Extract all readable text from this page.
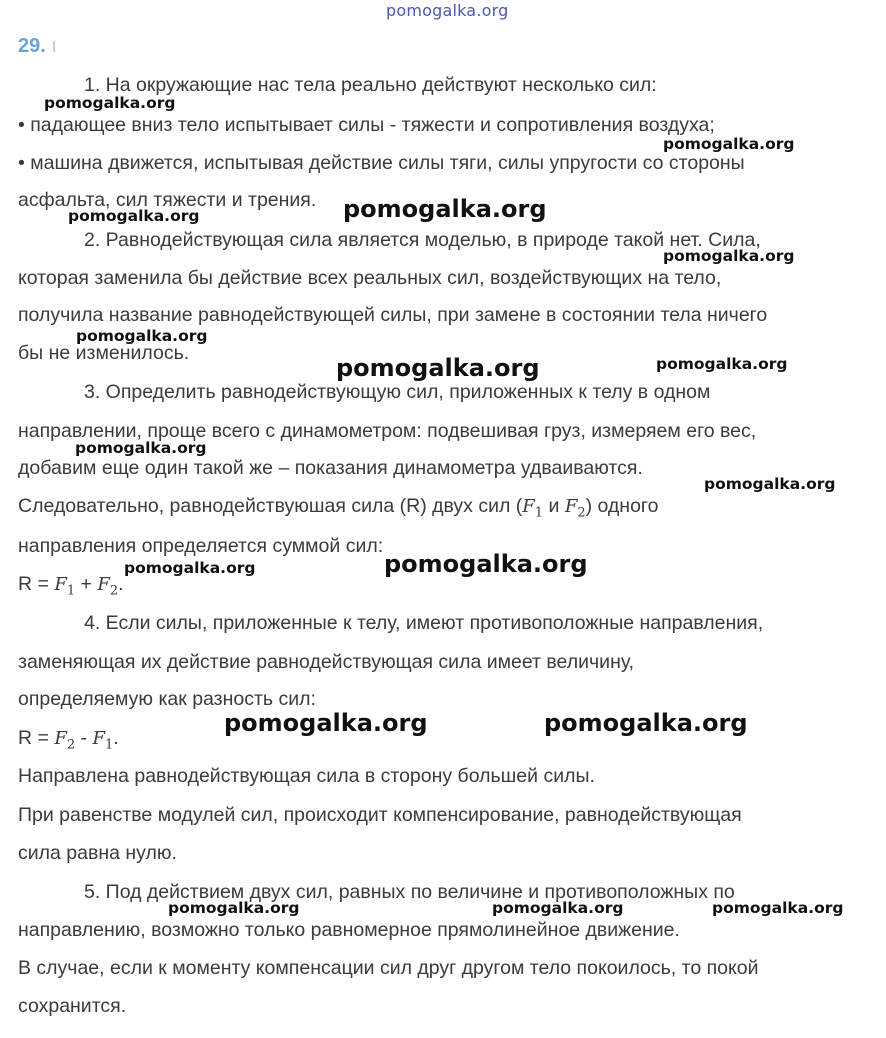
pomogalka.org
29. ι
1. На окружающие нас тела реально действуют несколько сил:
• падающее вниз тело испытывает силы - тяжести и сопротивления воздуха;
• машина движется, испытывая действие силы тяги, силы упругости со стороны
асфальта, сил тяжести и трения.
2. Равнодействующая сила является моделью, в природе такой нет. Сила,
которая заменила бы действие всех реальных сил, воздействующих на тело,
получила название равнодействующей силы, при замене в состоянии тела ничего
бы не изменилось.
3. Определить равнодействующую сил, приложенных к телу в одном
направлении, проще всего с динамометром: подвешивая груз, измеряем его вес,
добавим еще один такой же – показания динамометра удваиваются.
Следовательно, равнодействуюшая сила (R) двух сил ($F_1$ и $F_2$) одного
направления определяется суммой сил:
$R = F_1 + F_2$.
4. Если силы, приложенные к телу, имеют противоположные направления,
заменяющая их действие равнодействующая сила имеет величину,
определяемую как разность сил:
$R = F_2 - F_1$.
Направлена равнодействующая сила в сторону большей силы.
При равенстве модулей сил, происходит компенсирование, равнодействующая
сила равна нулю.
5. Под действием двух сил, равных по величине и противоположных по
направлению, возможно только равномерное прямолинейное движение.
В случае, если к моменту компенсации сил друг другом тело покоилось, то покой
сохранится.
pomogalka.org
pomogalka.org
pomogalka.org
pomogalka.org
pomogalka.org
pomogalka.org
pomogalka.org	pomogalka.org
pomogalka.org
pomogalka.org
pomogalka.org	pomogalka.org
pomogalka.org	pomogalka.org
pomogalka.org	pomogalka.org	pomogalka.org
